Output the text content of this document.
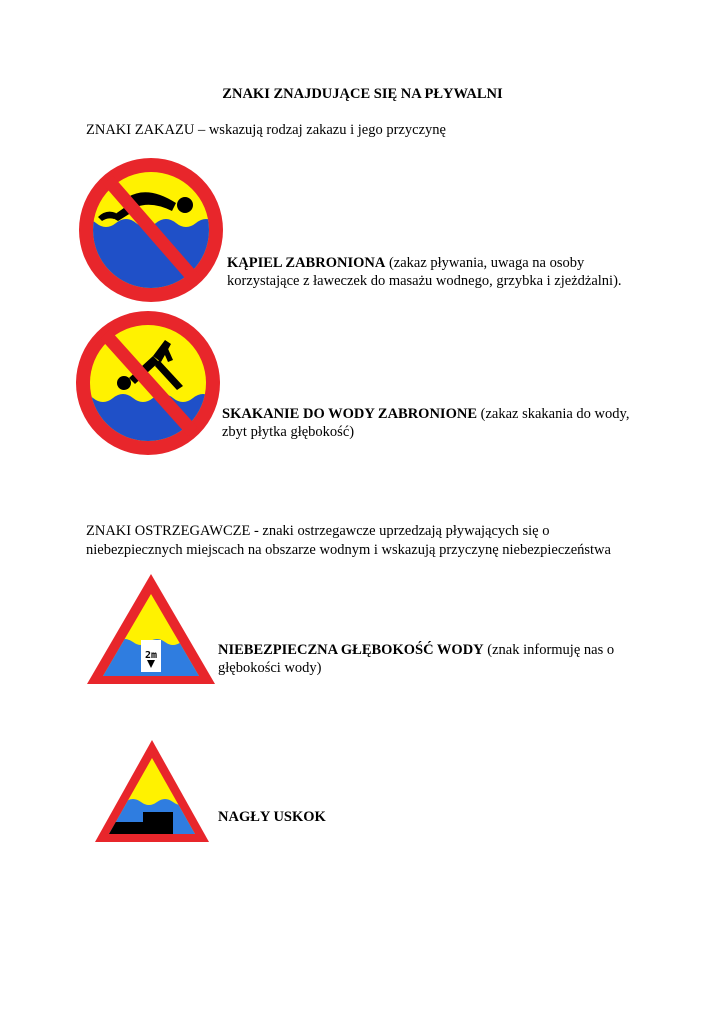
ZNAKI ZNAJDUJĄCE SIĘ NA PŁYWALNI
ZNAKI ZAKAZU – wskazują rodzaj zakazu i jego przyczynę
KĄPIEL ZABRONIONA (zakaz pływania, uwaga na osoby korzystające z ławeczek do masażu wodnego, grzybka i zjeżdżalni).
SKAKANIE DO WODY ZABRONIONE (zakaz skakania do wody, zbyt płytka głębokość)
ZNAKI OSTRZEGAWCZE - znaki ostrzegawcze uprzedzają pływających się o niebezpiecznych miejscach na obszarze wodnym i wskazują przyczynę niebezpieczeństwa
2m	NIEBEZPIECZNA GŁĘBOKOŚĆ WODY (znak informuję nas o głębokości wody)
NAGŁY USKOK
